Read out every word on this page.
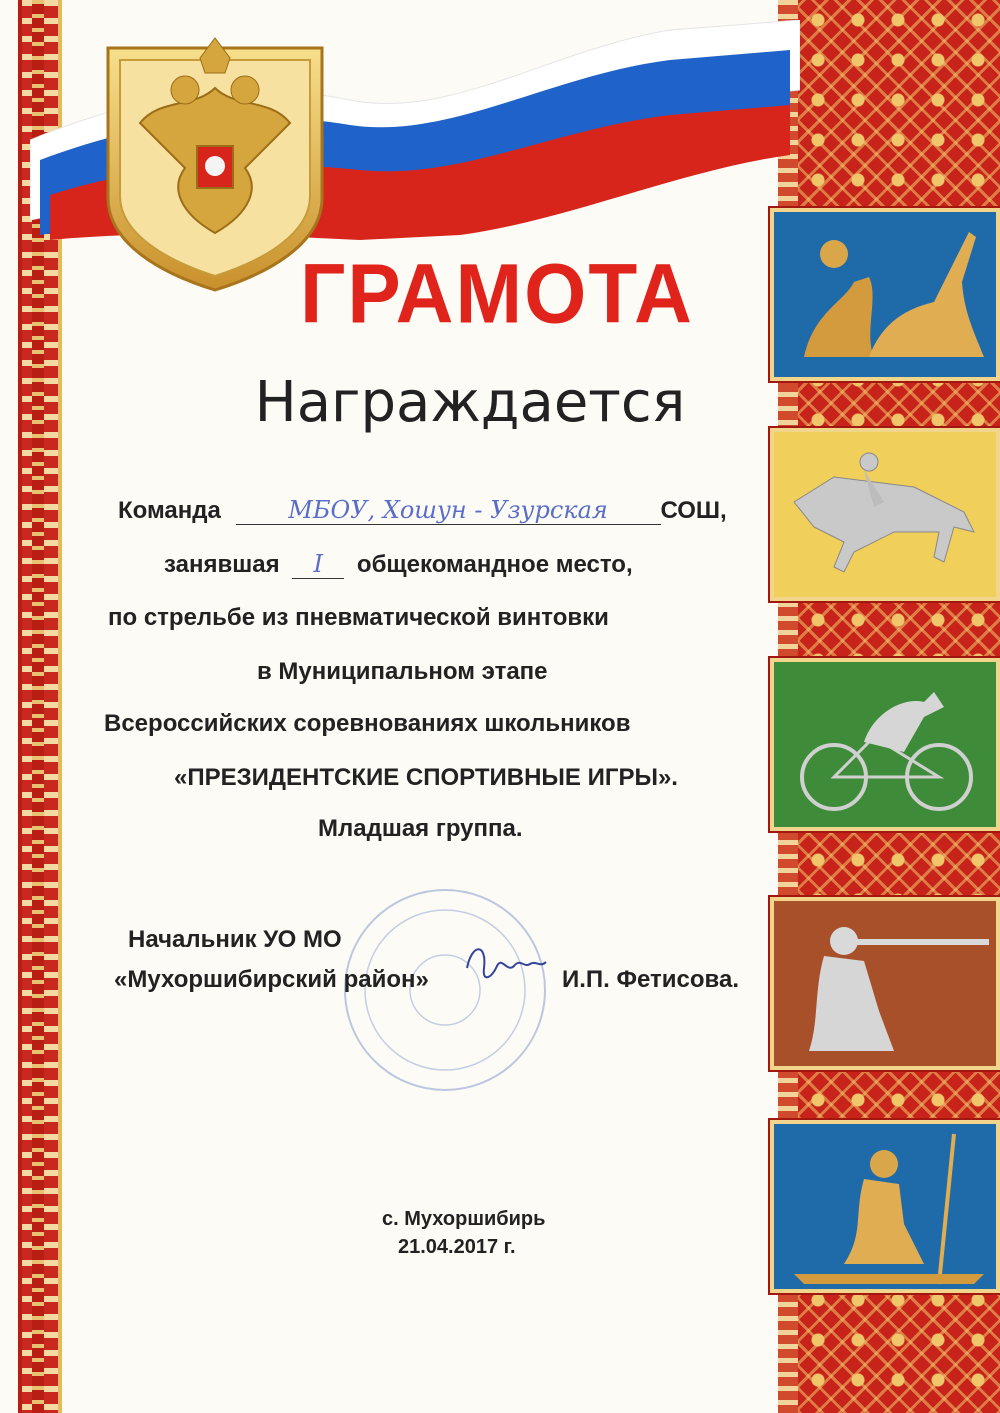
ГРАМОТА
Награждается
Команда	МБОУ, Хошун - Узурская СОШ,
занявшая I общекомандное место,
по стрельбе из пневматической винтовки
в Муниципальном этапе
Всероссийских соревнованиях школьников
«ПРЕЗИДЕНТСКИЕ СПОРТИВНЫЕ ИГРЫ».
Младшая группа.
Начальник УО МО
«Мухоршибирский район»	И.П. Фетисова.
с. Мухоршибирь
21.04.2017 г.
